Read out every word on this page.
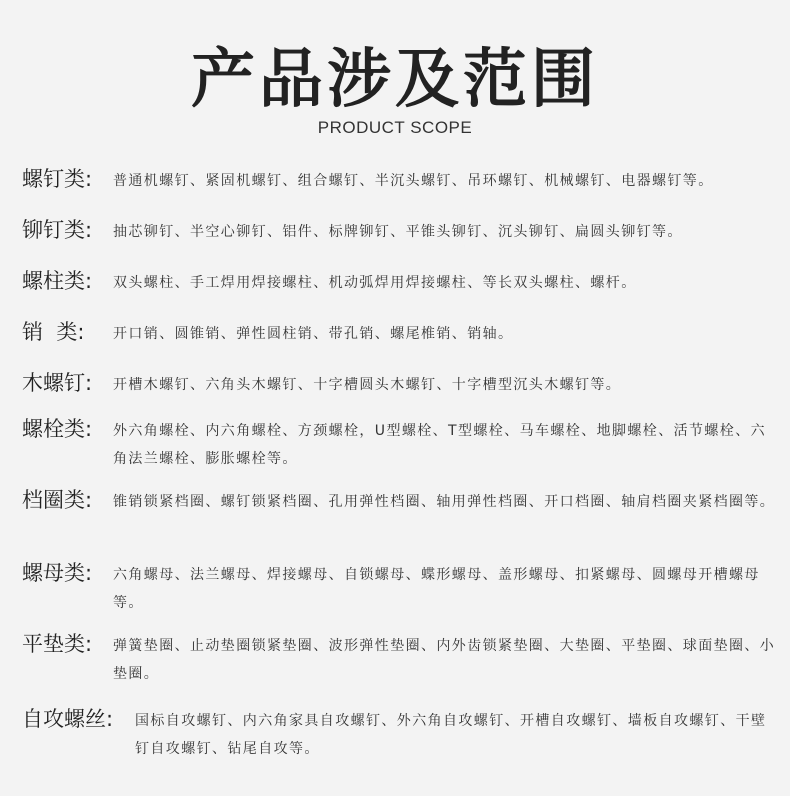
产品涉及范围
PRODUCT SCOPE
螺钉类: 普通机螺钉、紧固机螺钉、组合螺钉、半沉头螺钉、吊环螺钉、机械螺钉、电器螺钉等。
铆钉类: 抽芯铆钉、半空心铆钉、铝件、标牌铆钉、平锥头铆钉、沉头铆钉、扁圆头铆钉等。
螺柱类: 双头螺柱、手工焊用焊接螺柱、机动弧焊用焊接螺柱、等长双头螺柱、螺杆。
销  类: 开口销、圆锥销、弹性圆柱销、带孔销、螺尾椎销、销轴。
木螺钉: 开槽木螺钉、六角头木螺钉、十字槽圆头木螺钉、十字槽型沉头木螺钉等。
螺栓类: 外六角螺栓、内六角螺栓、方颈螺栓，U型螺栓、T型螺栓、马车螺栓、地脚螺栓、活节螺栓、六角法兰螺栓、膨胀螺栓等。
档圈类: 锥销锁紧档圈、螺钉锁紧档圈、孔用弹性档圈、轴用弹性档圈、开口档圈、轴肩档圈夹紧档圈等。
螺母类: 六角螺母、法兰螺母、焊接螺母、自锁螺母、蝶形螺母、盖形螺母、扣紧螺母、圆螺母开槽螺母等。
平垫类: 弹簧垫圈、止动垫圈锁紧垫圈、波形弹性垫圈、内外齿锁紧垫圈、大垫圈、平垫圈、球面垫圈、小垫圈。
自攻螺丝: 国标自攻螺钉、内六角家具自攻螺钉、外六角自攻螺钉、开槽自攻螺钉、墙板自攻螺钉、干壁钉自攻螺钉、钻尾自攻等。
